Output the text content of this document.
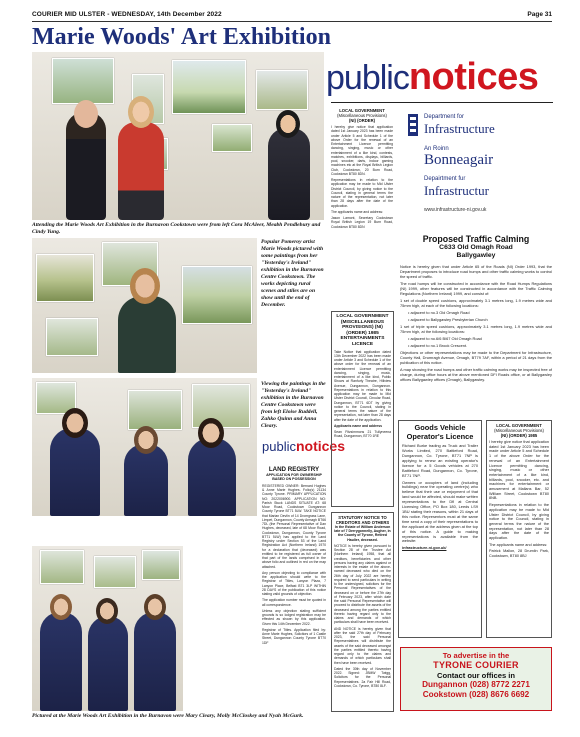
COURIER MID ULSTER - WEDNESDAY, 14th December 2022	Page 31
Marie Woods' Art Exhibition
Attending the Marie Woods Art Exhibition in the Burnavon Cookstown were from left Cora McAleer, Meabh Pendlebury and Cindy Yung.
Popular Pomeroy artist Marie Woods pictured with some paintings from her "Yesterday's Ireland" exhibition in the Burnavon Centre Cookstown. The works depicting rural scenes and stiles are on show until the end of December.
Viewing the paintings in the "Yesterday's Ireland" exhibition in the Burnavon Centre Cookstown were from left Eloise Ruddell, Zahko Quinn and Anna Cleary.
Pictured at the Marie Woods Art Exhibition in the Burnavon were Mary Cleary, Molly McCloskey and Nyah McGurk.
publicnotices
LAND REGISTRY
APPLICATION FOR OWNERSHIP BASED ON POSSESSION

REGISTERED OWNER: Bernard Hughes & Anne Marie Hughes. Folio(s) 21134 County Tyrone. PRIMARY APPLICATION NO: 2022006900. APPLICATION NO: Parish Stuck LANDS SITUATE AT: 68 Moor Road, Cookstown Dungannon County Tyrone BT71 5LW. TAKE NOTICE that Marian Devlin of 14 Dromgrass Lane, Limpet, Dungannon, County Armagh BT66 7DL (the Personal Representative of Dan Hughes, deceased, late of 68 Moor Road, Cookstown, Dungannon, County Tyrone BT71 5LW) has applied to the Land Registry under Section 53 of the Land Registration Act (Northern Ireland) 1970 for a declaration that (deceased) was entitled to be registered as full owner of that part of the lands comprised in the above folio and outlined in red on the map attached.

Any person objecting to compliance with the application should write to the Registrar of Titles, Lanyon Plaza, 7 Lanyon Place, Belfast BT1 3LP WITHIN 28 DAYS of the publication of this notice stating valid grounds of objection.

The application number must be quoted in all correspondence.

Unless any objection stating sufficient grounds is so lodged registration may be effected as shown by this application. Given this 14th December 2022.

Registrar of Titles. Application filed by: Anne Marie Hughes, Solicitors of 1 Castle Street, Dungannon County Tyrone BT70 1DF

publicnotices
LOCAL GOVERNMENT
(Miscellaneous Provisions)
(NI) (ORDER)

I hereby give notice that application dated 1st January 2023 has been made under Article 5 and Schedule 1 of the above Order for the renewal of an Entertainment Licence permitting dancing, singing, music or other entertainment of a like kind, contests, matches, exhibitions, displays, billiards, pool, snooker, darts, indoor gaming machines etc at the Royal British Legion Club, Cookstown, 20 Burn Road, Cookstown BT80 8DN.

Representations in relation to the application may be made to Mid Ulster District Council, by giving notice to the Council, stating in general terms the nature of the representation, not later than 28 days after the date of the application.

The applicants name and address:

Jason Lamont, Secretary Cookstown Royal British Legion 19 Burn Road, Cookstown BT80 8DN

LOCAL GOVERNMENT (MISCELLANEOUS PROVISIONS) (NI) (ORDER) 1985 ENTERTAINMENTS LICENCE

Take Notice that application dated 13th December 2022 has been made under Article 3 and Schedule 1 of the above order for the renewal of an entertainment Licence permitting dancing, singing, music, entertainment of a like kind, Public Shows at Ranfurly Theatre, Hillview Avenue, Dungannon, Dungannon. Representations in relation to this application may be made to Mid Ulster District Council, Circular Road, Dungannon, BT71 6DT by giving notice to the Council, stating in general terms the nature of the representation, not later than 28 days after the date of the application.

Applicants name and address

Sean Fitzsimmons 21 Tullyneena Road, Dungannon, BT70 1RE

STATUTORY NOTICE TO CREDITORS AND OTHERS
In the Estate of William Anderson late of 7 Derrygonnelly, Augher, in the County of Tyrone, Retired Haulier, deceased.

NOTICE is hereby given pursuant to Section 28 of the Trustee Act (Northern Ireland) 1958, that all creditors, beneficiaries and other persons having any claims against or interests in the estate of the above-named deceased who died on the 26th day of July 2022 are hereby required to send particulars in writing to the undersigned, solicitors for the Personal Representatives of the deceased on or before the 27th day of February 2023, after which date the said Personal Representative will proceed to distribute the assets of the deceased among the parties entitled thereto having regard only to the claims and demands of which particulars shall have been received.

AND NOTICE is hereby given that after the said 27th day of February 2023, the said Personal Representatives will distribute the assets of the said deceased amongst the parties entitled thereto having regard only to the claims and demands of which particulars shall then have been received.

Dated the 30th day of November 2022. Signed: JBMW Twigg, Solicitors for the Personal Representatives. 2a Fair Hill Road, Cookstown, Co. Tyrone, BT80 8LF.

Department for
Infrastructure
An Roinn
Bonneagair
Depairtment fur
Infrastructur
www.infrastructure-ni.gov.uk
Proposed Traffic Calming
C633 Old Omagh Road
Ballygawley

Notice is hereby given that under Article 65 of the Roads (NI) Order 1993, that the Department proposes to introduce road humps and other traffic calming works to control the speed of traffic.

The road humps will be constructed in accordance with the Road Humps Regulations (NI) 1999, other features will be constructed in accordance with the Traffic Calming Regulations (Northern Ireland) 1999, and consist of:

1 set of double speed cushions, approximately 3.1 metres long, 1.9 metres wide and 75mm high, at each of the following locations:

• adjacent to no.3 Old Omagh Road

• adjacent to Ballygawley Presbyterian Church

1 set of triple speed cushions, approximately 3.1 metres long, 1.9 metres wide and 75mm high, at the following locations:

• adjacent to no.6/6 B/67 Old Omagh Road

• adjacent to no.1 Brook Crescent.

Objections or other representations may be made to the Department for Infrastructure, County Hall, Drumragh Avenue, Omagh, BT79 7AF, within a period of 21 days from the publication of this notice.

A map showing the road humps and other traffic calming works may be inspected free of charge, during office hours at the above mentioned DFI Roads office, or at Ballygawley offices Ballygawley offices (Omagh), Ballygawley.

Goods Vehicle Operator's Licence

Richard Burke trading as Truck and Trailer Works Limited, 270 Battleford Road, Dungannon, Co. Tyrone, BT71 7NP is applying to renew an existing operator's licence for a 5 Goods vehicles at 270 Battleford Road, Dungannon, Co. Tyrone, BT71 7NP.

Owners or occupiers of land (including buildings) near the operating centre(s) who believe that their use or enjoyment of that land would be affected, should make written representations to the DfI at Central Licensing Office, PO Box 180, Leeds LS9 1BU stating their reasons, within 21 days of this notice. Representors must at the same time send a copy of their representations to the applicant at the address given at the top of this notice. A guide to making representations is available from the website:

infrastructure-ni.gov.uk/

LOCAL GOVERNMENT
(Miscellaneous Provisions)
(NI) (ORDER) 1985

I hereby give notice that application dated 1st January 2023 has been made under Article 5 and Schedule 1 of the above Order for the renewal of an Entertainment Licence permitting dancing, singing, music or other entertainment of a like kind, billiards, pool, snooker, etc. and machines for entertainment or amusement at Mallans Bar, 52 William Street, Cookstown BT80 8NB.

Representations in relation to the application may be made to Mid Ulster District Council, by giving notice to the Council, stating in general terms the nature of the representation, not later than 28 days after the date of the application.

The applicants name and address:

Patrick Mallon, 28 Drumlin Park, Cookstown, BT80 8BJ

To advertise in the
TYRONE COURIER
Contact our offices in
Dungannon (028) 8772 2271
Cookstown (028) 8676 6692
